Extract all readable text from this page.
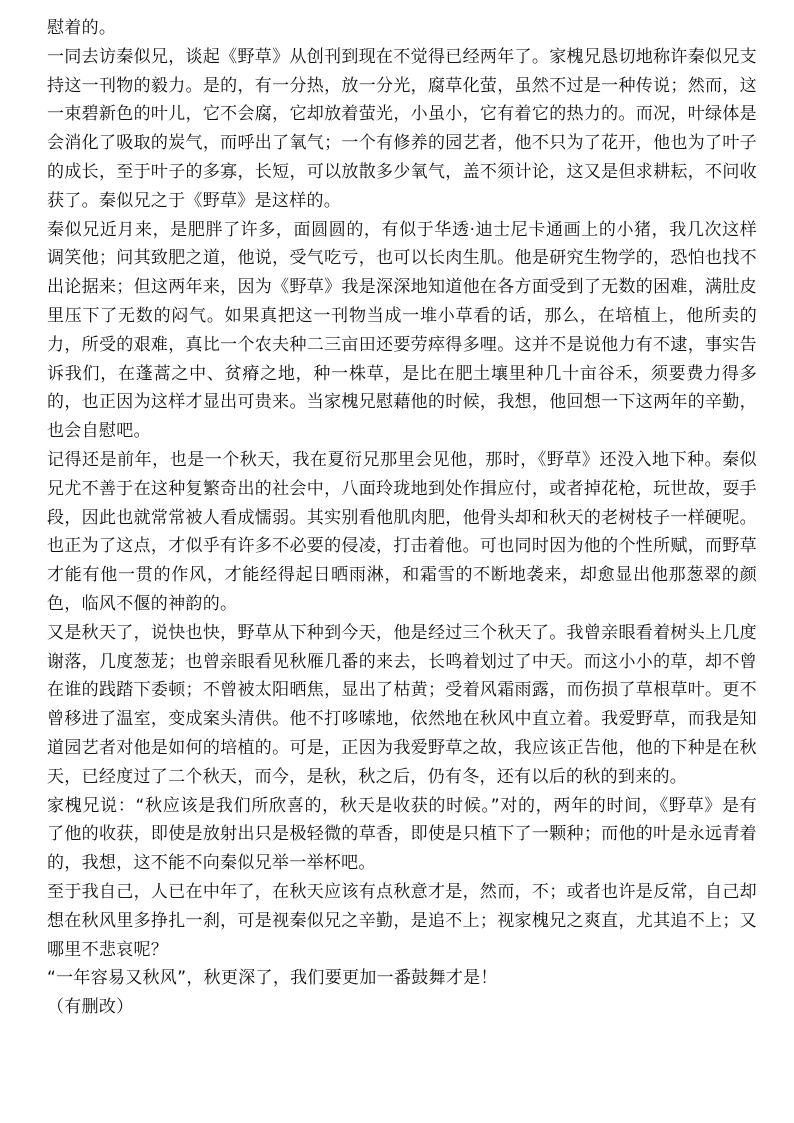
慰着的。

一同去访秦似兄，谈起《野草》从创刊到现在不觉得已经两年了。家槐兄恳切地称许秦似兄支持这一刊物的毅力。是的，有一分热，放一分光，腐草化萤，虽然不过是一种传说；然而，这一束碧新色的叶儿，它不会腐，它却放着萤光，小虽小，它有着它的热力的。而况，叶绿体是会消化了吸取的炭气，而呼出了氧气；一个有修养的园艺者，他不只为了花开，他也为了叶子的成长，至于叶子的多寡，长短，可以放散多少氧气，盖不须计论，这又是但求耕耘，不问收获了。秦似兄之于《野草》是这样的。

秦似兄近月来，是肥胖了许多，面圆圆的，有似于华透·迪士尼卡通画上的小猪，我几次这样调笑他；问其致肥之道，他说，受气吃亏，也可以长肉生肌。他是研究生物学的，恐怕也找不出论据来；但这两年来，因为《野草》我是深深地知道他在各方面受到了无数的困难，满肚皮里压下了无数的闷气。如果真把这一刊物当成一堆小草看的话，那么，在培植上，他所卖的力，所受的艰难，真比一个农夫种二三亩田还要劳瘁得多哩。这并不是说他力有不逮，事实告诉我们，在蓬蒿之中、贫瘠之地，种一株草，是比在肥土壤里种几十亩谷禾，须要费力得多的，也正因为这样才显出可贵来。当家槐兄慰藉他的时候，我想，他回想一下这两年的辛勤，也会自慰吧。

记得还是前年，也是一个秋天，我在夏衍兄那里会见他，那时，《野草》还没入地下种。秦似兄尤不善于在这种复繁奇出的社会中，八面玲珑地到处作揖应付，或者掉花枪，玩世故，耍手段，因此也就常常被人看成懦弱。其实别看他肌肉肥，他骨头却和秋天的老树枝子一样硬呢。也正为了这点，才似乎有许多不必要的侵凌，打击着他。可也同时因为他的个性所赋，而野草才能有他一贯的作风，才能经得起日晒雨淋，和霜雪的不断地袭来，却愈显出他那葱翠的颜色，临风不偃的神韵的。

又是秋天了，说快也快，野草从下种到今天，他是经过三个秋天了。我曾亲眼看着树头上几度谢落，几度葱茏；也曾亲眼看见秋雁几番的来去，长鸣着划过了中天。而这小小的草，却不曾在谁的践踏下委顿；不曾被太阳晒焦，显出了枯黄；受着风霜雨露，而伤损了草根草叶。更不曾移进了温室，变成案头清供。他不打哆嗦地，依然地在秋风中直立着。我爱野草，而我是知道园艺者对他是如何的培植的。可是，正因为我爱野草之故，我应该正告他，他的下种是在秋天，已经度过了二个秋天，而今，是秋，秋之后，仍有冬，还有以后的秋的到来的。

家槐兄说：“秋应该是我们所欣喜的，秋天是收获的时候。”对的，两年的时间，《野草》是有了他的收获，即使是放射出只是极轻微的草香，即使是只植下了一颗种；而他的叶是永远青着的，我想，这不能不向秦似兄举一举杯吧。

至于我自己，人已在中年了，在秋天应该有点秋意才是，然而，不；或者也许是反常，自己却想在秋风里多挣扎一刹，可是视秦似兄之辛勤，是追不上；视家槐兄之爽直，尤其追不上；又哪里不悲哀呢？

“一年容易又秋风”，秋更深了，我们要更加一番鼓舞才是！

（有删改）
